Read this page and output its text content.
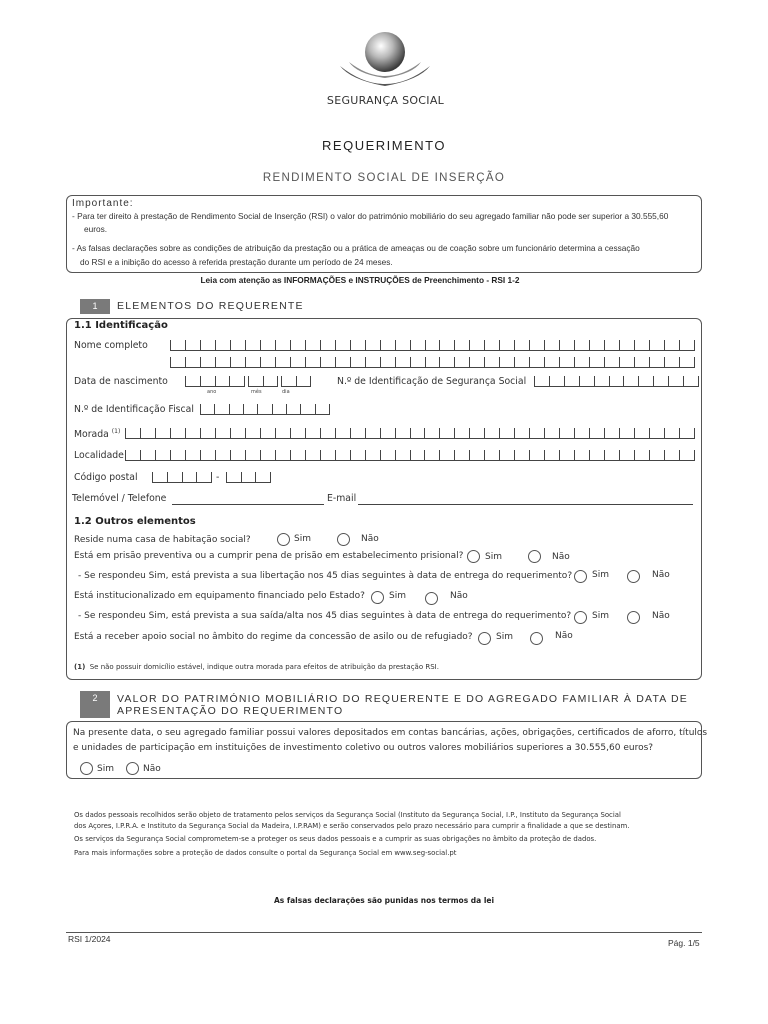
SEGURANÇA SOCIAL
REQUERIMENTO
RENDIMENTO SOCIAL DE INSERÇÃO
Importante:
- Para ter direito à prestação de Rendimento Social de Inserção (RSI) o valor do património mobiliário do seu agregado familiar não pode ser superior a 30.555,60
euros.
- As falsas declarações sobre as condições de atribuição da prestação ou a prática de ameaças ou de coação sobre um funcionário determina a cessação
do RSI e a inibição do acesso à referida prestação durante um período de 24 meses.
Leia com atenção as INFORMAÇÕES e INSTRUÇÕES de Preenchimento - RSI 1-2
1	ELEMENTOS DO REQUERENTE
1.1 Identificação
Nome completo
Data de nascimento
ano	mês	dia
N.º de Identificação de Segurança Social
N.º de Identificação Fiscal
Morada $^{(1)}$
Localidade
Código postal	-
Telemóvel / Telefone	E-mail
1.2 Outros elementos
Reside numa casa de habitação social?	Sim	Não
Está em prisão preventiva ou a cumprir pena de prisão em estabelecimento prisional? Sim	Não
- Se respondeu Sim, está prevista a sua libertação nos 45 dias seguintes à data de entrega do requerimento? Sim	Não
Está institucionalizado em equipamento financiado pelo Estado?	Sim	Não
- Se respondeu Sim, está prevista a sua saída/alta nos 45 dias seguintes à data de entrega do requerimento? Sim	Não
Está a receber apoio social no âmbito do regime da concessão de asilo ou de refugiado?	Sim	Não
(1) Se não possuir domicílio estável, indique outra morada para efeitos de atribuição da prestação RSI.
2	VALOR DO PATRIMÓNIO MOBILIÁRIO DO REQUERENTE E DO AGREGADO FAMILIAR À DATA DE
APRESENTAÇÃO DO REQUERIMENTO
Na presente data, o seu agregado familiar possui valores depositados em contas bancárias, ações, obrigações, certificados de aforro, títulos
e unidades de participação em instituições de investimento coletivo ou outros valores mobiliários superiores a 30.555,60 euros?
Sim	Não
Os dados pessoais recolhidos serão objeto de tratamento pelos serviços da Segurança Social (Instituto da Segurança Social, I.P., Instituto da Segurança Social
dos Açores, I.P.R.A. e Instituto da Segurança Social da Madeira, I.P.RAM) e serão conservados pelo prazo necessário para cumprir a finalidade a que se destinam.
Os serviços da Segurança Social comprometem-se a proteger os seus dados pessoais e a cumprir as suas obrigações no âmbito da proteção de dados.
Para mais informações sobre a proteção de dados consulte o portal da Segurança Social em www.seg-social.pt
As falsas declarações são punidas nos termos da lei
RSI 1/2024	Pág. 1/5
